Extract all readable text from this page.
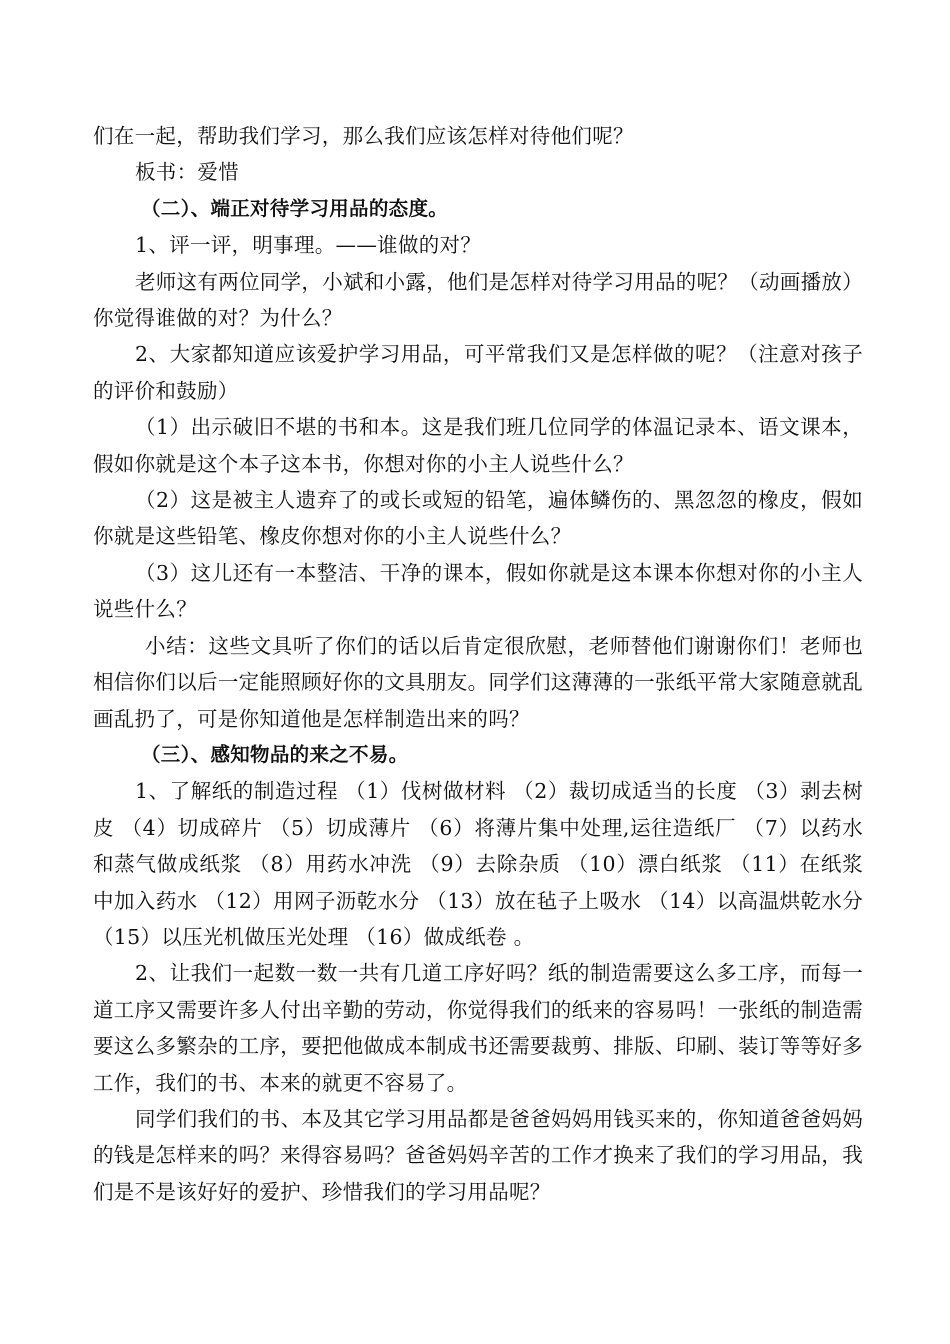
们在一起，帮助我们学习，那么我们应该怎样对待他们呢？

板书：爱惜

（二）、端正对待学习用品的态度。

1、评一评，明事理。——谁做的对？

老师这有两位同学，小斌和小露，他们是怎样对待学习用品的呢？（动画播放）你觉得谁做的对？为什么？

2、大家都知道应该爱护学习用品，可平常我们又是怎样做的呢？（注意对孩子的评价和鼓励）

（1）出示破旧不堪的书和本。这是我们班几位同学的体温记录本、语文课本，假如你就是这个本子这本书，你想对你的小主人说些什么？

（2）这是被主人遗弃了的或长或短的铅笔，遍体鳞伤的、黑忽忽的橡皮，假如你就是这些铅笔、橡皮你想对你的小主人说些什么？

（3）这儿还有一本整洁、干净的课本，假如你就是这本课本你想对你的小主人说些什么？

小结：这些文具听了你们的话以后肯定很欣慰，老师替他们谢谢你们！老师也相信你们以后一定能照顾好你的文具朋友。同学们这薄薄的一张纸平常大家随意就乱画乱扔了，可是你知道他是怎样制造出来的吗？

（三）、感知物品的来之不易。

1、了解纸的制造过程 （1）伐树做材料 （2）裁切成适当的长度 （3）剥去树皮 （4）切成碎片 （5）切成薄片 （6）将薄片集中处理,运往造纸厂 （7）以药水和蒸气做成纸浆 （8）用药水冲洗 （9）去除杂质 （10）漂白纸浆 （11）在纸浆中加入药水 （12）用网子沥乾水分 （13）放在毡子上吸水 （14）以高温烘乾水分 （15）以压光机做压光处理 （16）做成纸卷 。

2、让我们一起数一数一共有几道工序好吗？纸的制造需要这么多工序，而每一道工序又需要许多人付出辛勤的劳动，你觉得我们的纸来的容易吗！一张纸的制造需要这么多繁杂的工序，要把他做成本制成书还需要裁剪、排版、印刷、装订等等好多工作，我们的书、本来的就更不容易了。

同学们我们的书、本及其它学习用品都是爸爸妈妈用钱买来的，你知道爸爸妈妈的钱是怎样来的吗？来得容易吗？爸爸妈妈辛苦的工作才换来了我们的学习用品，我们是不是该好好的爱护、珍惜我们的学习用品呢？
